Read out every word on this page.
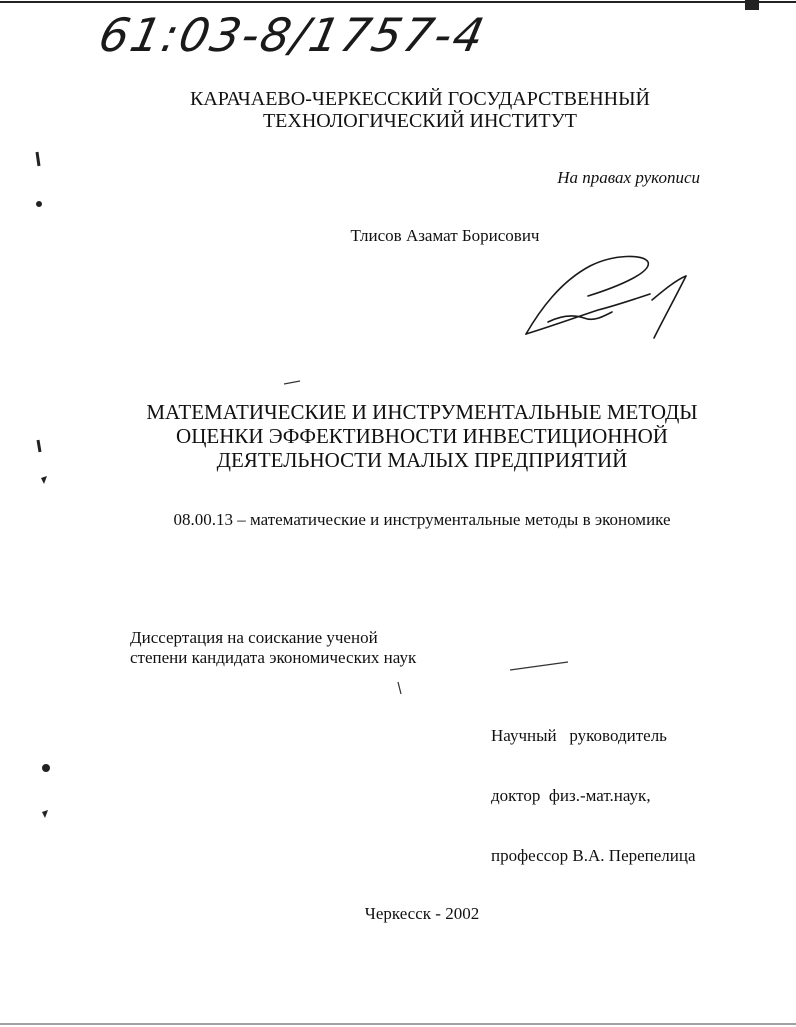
61:03-8/1757-4
КАРАЧАЕВО-ЧЕРКЕССКИЙ ГОСУДАРСТВЕННЫЙ
ТЕХНОЛОГИЧЕСКИЙ ИНСТИТУТ
На правах рукописи
Тлисов Азамат Борисович
МАТЕМАТИЧЕСКИЕ И ИНСТРУМЕНТАЛЬНЫЕ МЕТОДЫ
ОЦЕНКИ ЭФФЕКТИВНОСТИ ИНВЕСТИЦИОННОЙ
ДЕЯТЕЛЬНОСТИ МАЛЫХ ПРЕДПРИЯТИЙ
08.00.13 – математические и инструментальные методы в экономике
Диссертация на соискание ученой
степени кандидата экономических наук

Научный   руководитель

доктор  физ.-мат.наук,

профессор В.А. Перепелица

Черкесск - 2002
